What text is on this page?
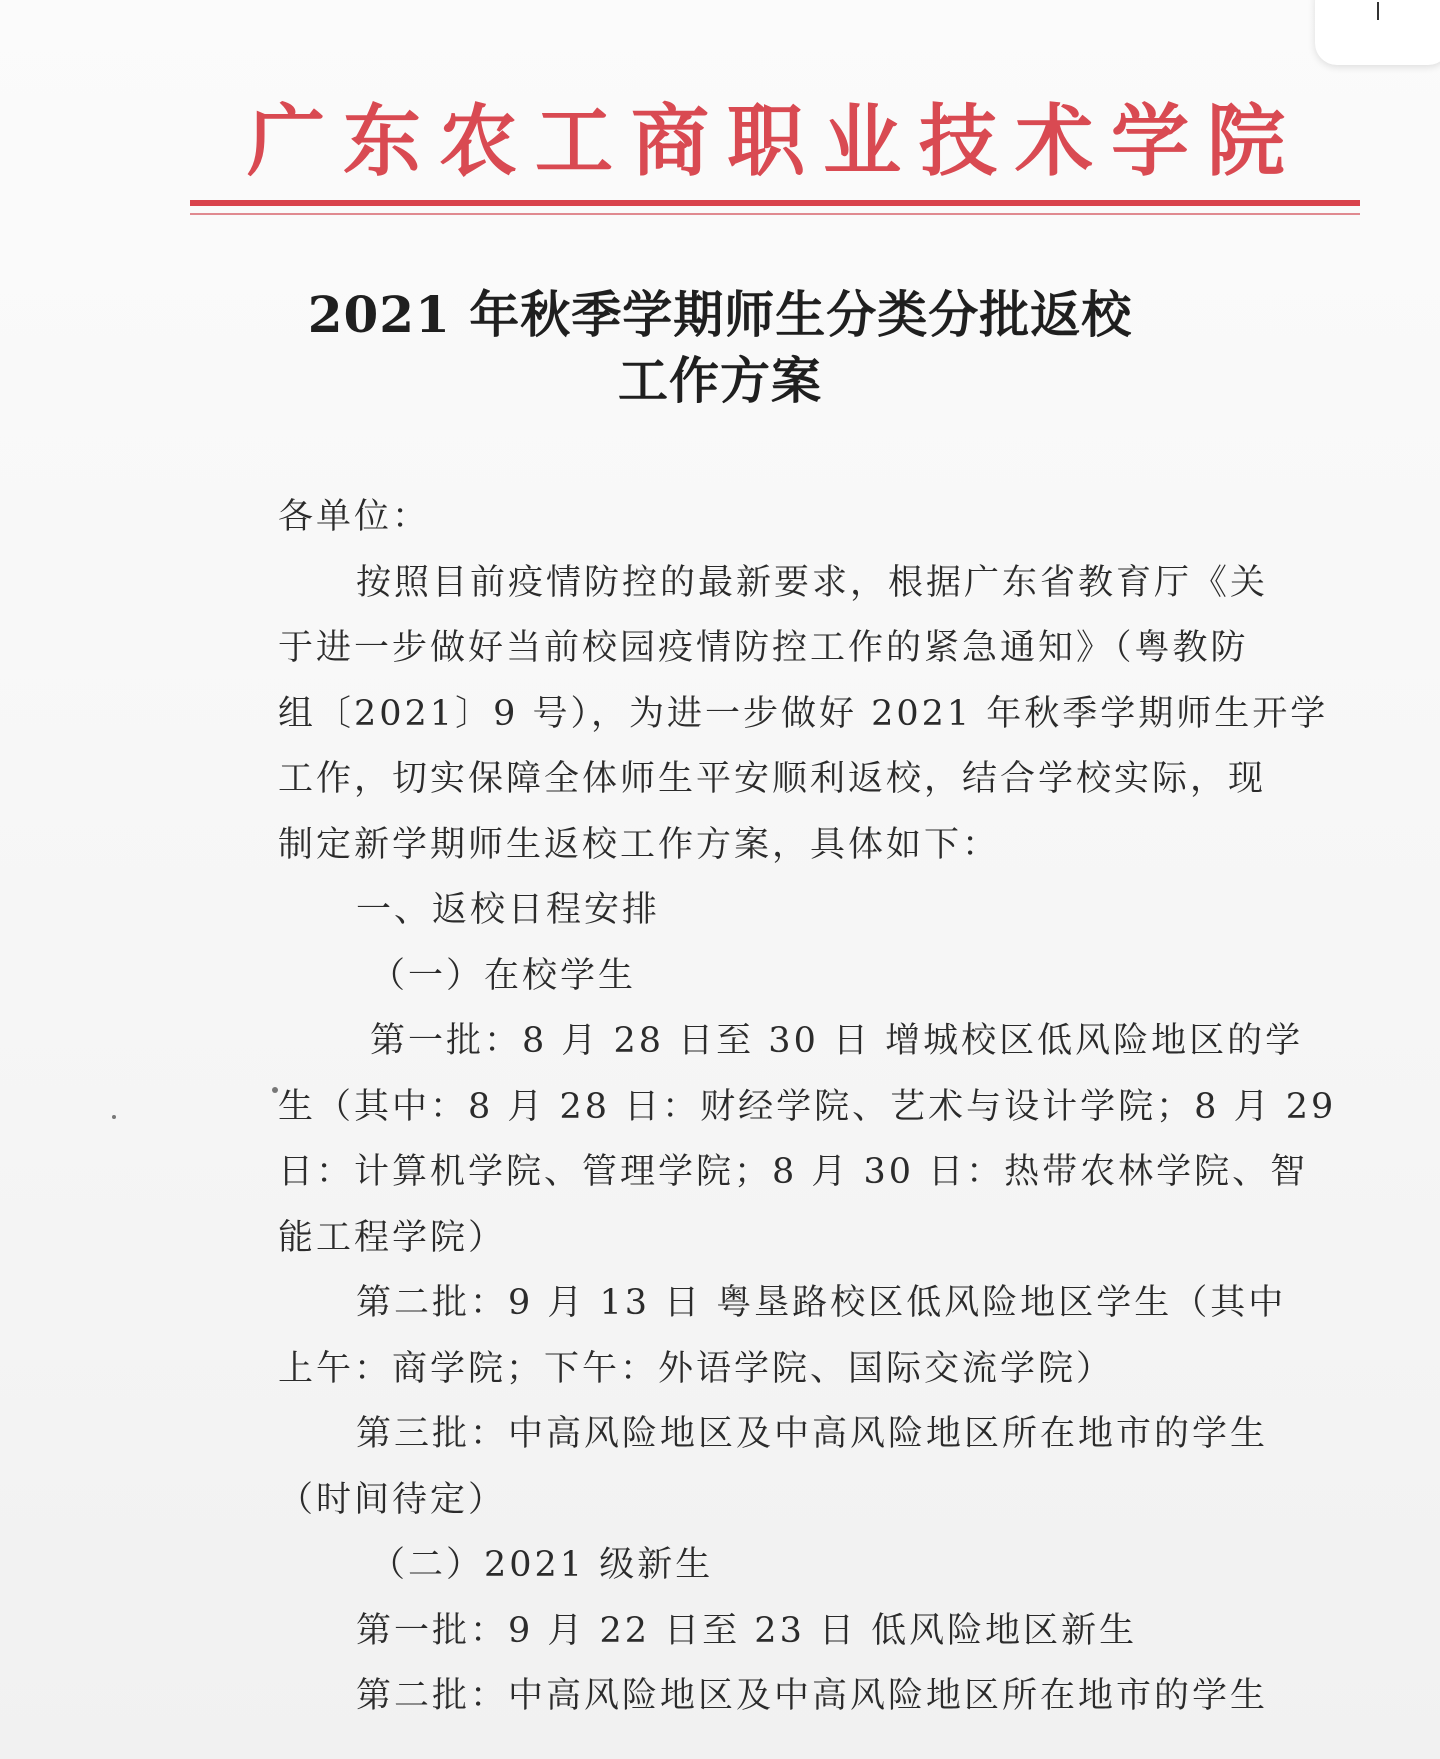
广东农工商职业技术学院
2021 年秋季学期师生分类分批返校
工作方案
各单位：
按照目前疫情防控的最新要求，根据广东省教育厅《关
于进一步做好当前校园疫情防控工作的紧急通知》（粤教防
组〔2021〕9 号），为进一步做好 2021 年秋季学期师生开学
工作，切实保障全体师生平安顺利返校，结合学校实际，现
制定新学期师生返校工作方案，具体如下：
一、返校日程安排
（一）在校学生
第一批：8 月 28 日至 30 日 增城校区低风险地区的学
生（其中：8 月 28 日：财经学院、艺术与设计学院；8 月 29
日：计算机学院、管理学院；8 月 30 日：热带农林学院、智
能工程学院）
第二批：9 月 13 日 粤垦路校区低风险地区学生（其中
上午：商学院；下午：外语学院、国际交流学院）
第三批：中高风险地区及中高风险地区所在地市的学生
（时间待定）
（二）2021 级新生
第一批：9 月 22 日至 23 日 低风险地区新生
第二批：中高风险地区及中高风险地区所在地市的学生
